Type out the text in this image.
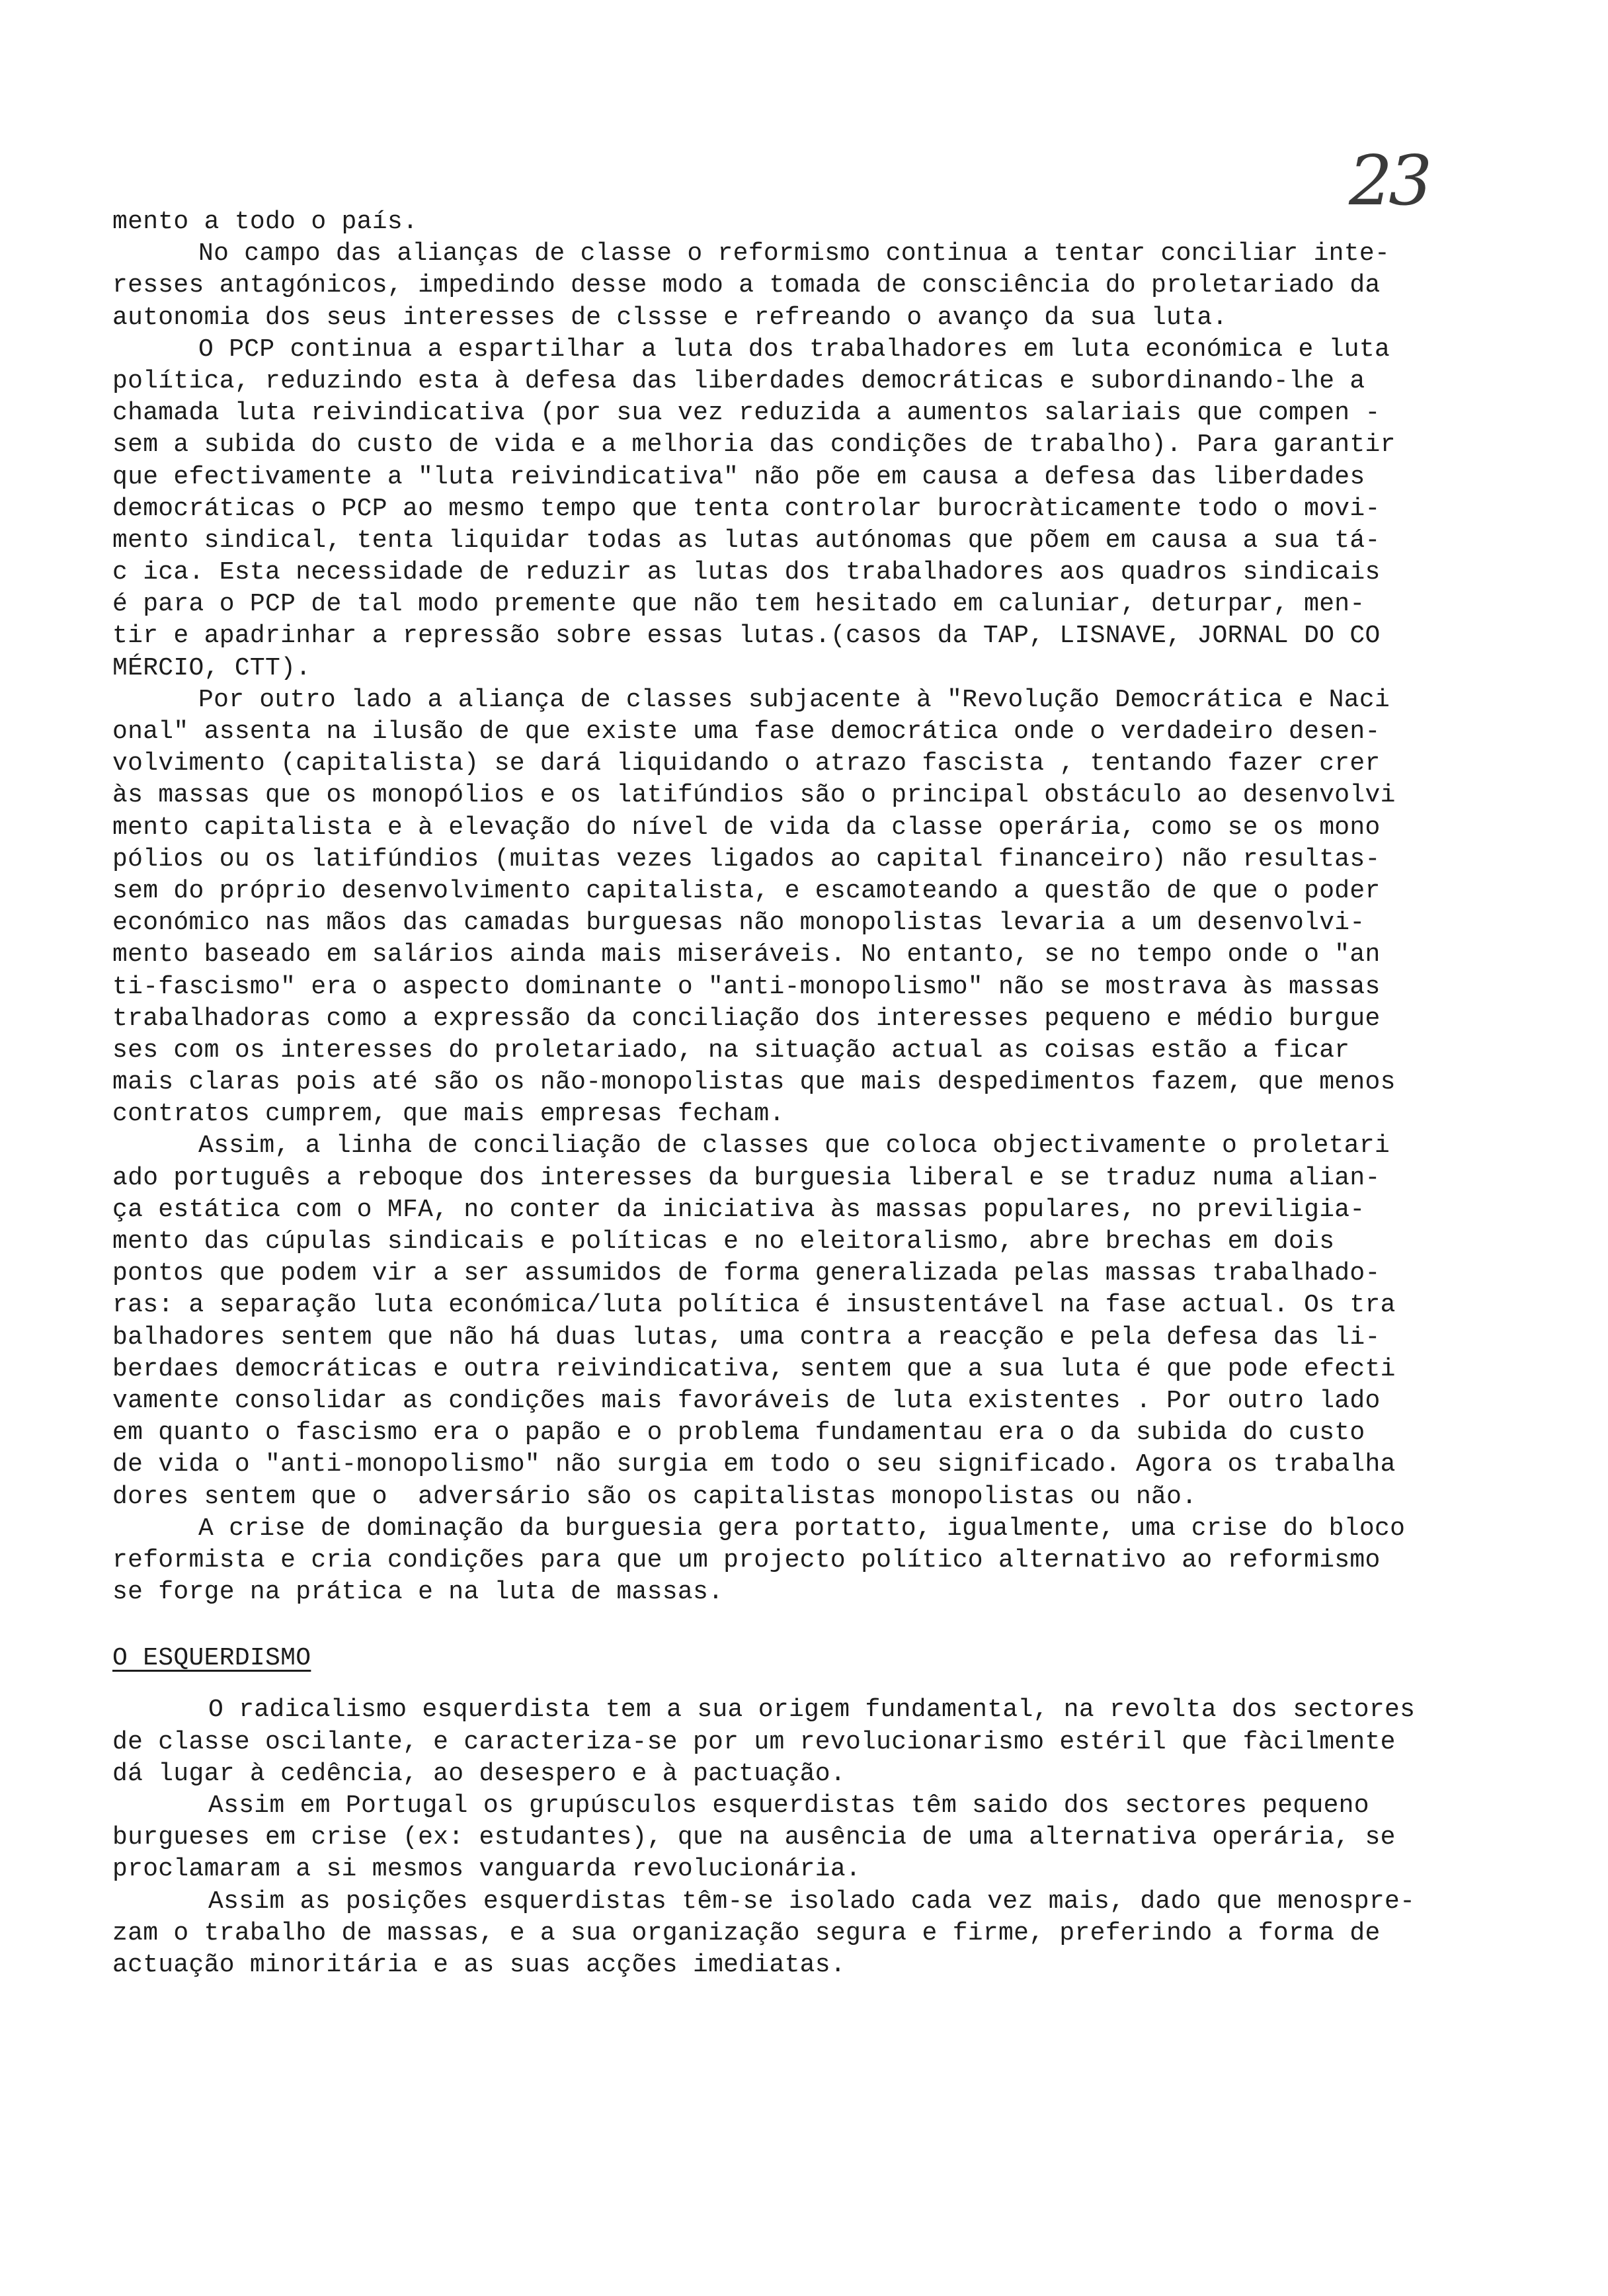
23
mento a todo o país.
No campo das alianças de classe o reformismo continua a tentar conciliar inte-
resses antagónicos, impedindo desse modo a tomada de consciência do proletariado da
autonomia dos seus interesses de clssse e refreando o avanço da sua luta.
O PCP continua a espartilhar a luta dos trabalhadores em luta económica e luta
política, reduzindo esta à defesa das liberdades democráticas e subordinando-lhe a
chamada luta reivindicativa (por sua vez reduzida a aumentos salariais que compen -
sem a subida do custo de vida e a melhoria das condições de trabalho). Para garantir
que efectivamente a "luta reivindicativa" não põe em causa a defesa das liberdades
democráticas o PCP ao mesmo tempo que tenta controlar burocràticamente todo o movi-
mento sindical, tenta liquidar todas as lutas autónomas que põem em causa a sua tá-
c ica. Esta necessidade de reduzir as lutas dos trabalhadores aos quadros sindicais
é para o PCP de tal modo premente que não tem hesitado em caluniar, deturpar, men-
tir e apadrinhar a repressão sobre essas lutas.(casos da TAP, LISNAVE, JORNAL DO CO
MÉRCIO, CTT).
Por outro lado a aliança de classes subjacente à "Revolução Democrática e Naci
onal" assenta na ilusão de que existe uma fase democrática onde o verdadeiro desen-
volvimento (capitalista) se dará liquidando o atrazo fascista , tentando fazer crer
às massas que os monopólios e os latifúndios são o principal obstáculo ao desenvolvi
mento capitalista e à elevação do nível de vida da classe operária, como se os mono
pólios ou os latifúndios (muitas vezes ligados ao capital financeiro) não resultas-
sem do próprio desenvolvimento capitalista, e escamoteando a questão de que o poder
económico nas mãos das camadas burguesas não monopolistas levaria a um desenvolvi-
mento baseado em salários ainda mais miseráveis. No entanto, se no tempo onde o "an
ti-fascismo" era o aspecto dominante o "anti-monopolismo" não se mostrava às massas
trabalhadoras como a expressão da conciliação dos interesses pequeno e médio burgue
ses com os interesses do proletariado, na situação actual as coisas estão a ficar
mais claras pois até são os não-monopolistas que mais despedimentos fazem, que menos
contratos cumprem, que mais empresas fecham.
Assim, a linha de conciliação de classes que coloca objectivamente o proletari
ado português a reboque dos interesses da burguesia liberal e se traduz numa alian-
ça estática com o MFA, no conter da iniciativa às massas populares, no previligia-
mento das cúpulas sindicais e políticas e no eleitoralismo, abre brechas em dois
pontos que podem vir a ser assumidos de forma generalizada pelas massas trabalhado-
ras: a separação luta económica/luta política é insustentável na fase actual. Os tra
balhadores sentem que não há duas lutas, uma contra a reacção e pela defesa das li-
berdaes democráticas e outra reivindicativa, sentem que a sua luta é que pode efecti
vamente consolidar as condições mais favoráveis de luta existentes . Por outro lado
em quanto o fascismo era o papão e o problema fundamentau era o da subida do custo
de vida o "anti-monopolismo" não surgia em todo o seu significado. Agora os trabalha
dores sentem que o  adversário são os capitalistas monopolistas ou não.
A crise de dominação da burguesia gera portatto, igualmente, uma crise do bloco
reformista e cria condições para que um projecto político alternativo ao reformismo
se forge na prática e na luta de massas.
O ESQUERDISMO
O radicalismo esquerdista tem a sua origem fundamental, na revolta dos sectores
de classe oscilante, e caracteriza-se por um revolucionarismo estéril que fàcilmente
dá lugar à cedência, ao desespero e à pactuação.
Assim em Portugal os grupúsculos esquerdistas têm saido dos sectores pequeno
burgueses em crise (ex: estudantes), que na ausência de uma alternativa operária, se
proclamaram a si mesmos vanguarda revolucionária.
Assim as posições esquerdistas têm-se isolado cada vez mais, dado que menospre-
zam o trabalho de massas, e a sua organização segura e firme, preferindo a forma de
actuação minoritária e as suas acções imediatas.
